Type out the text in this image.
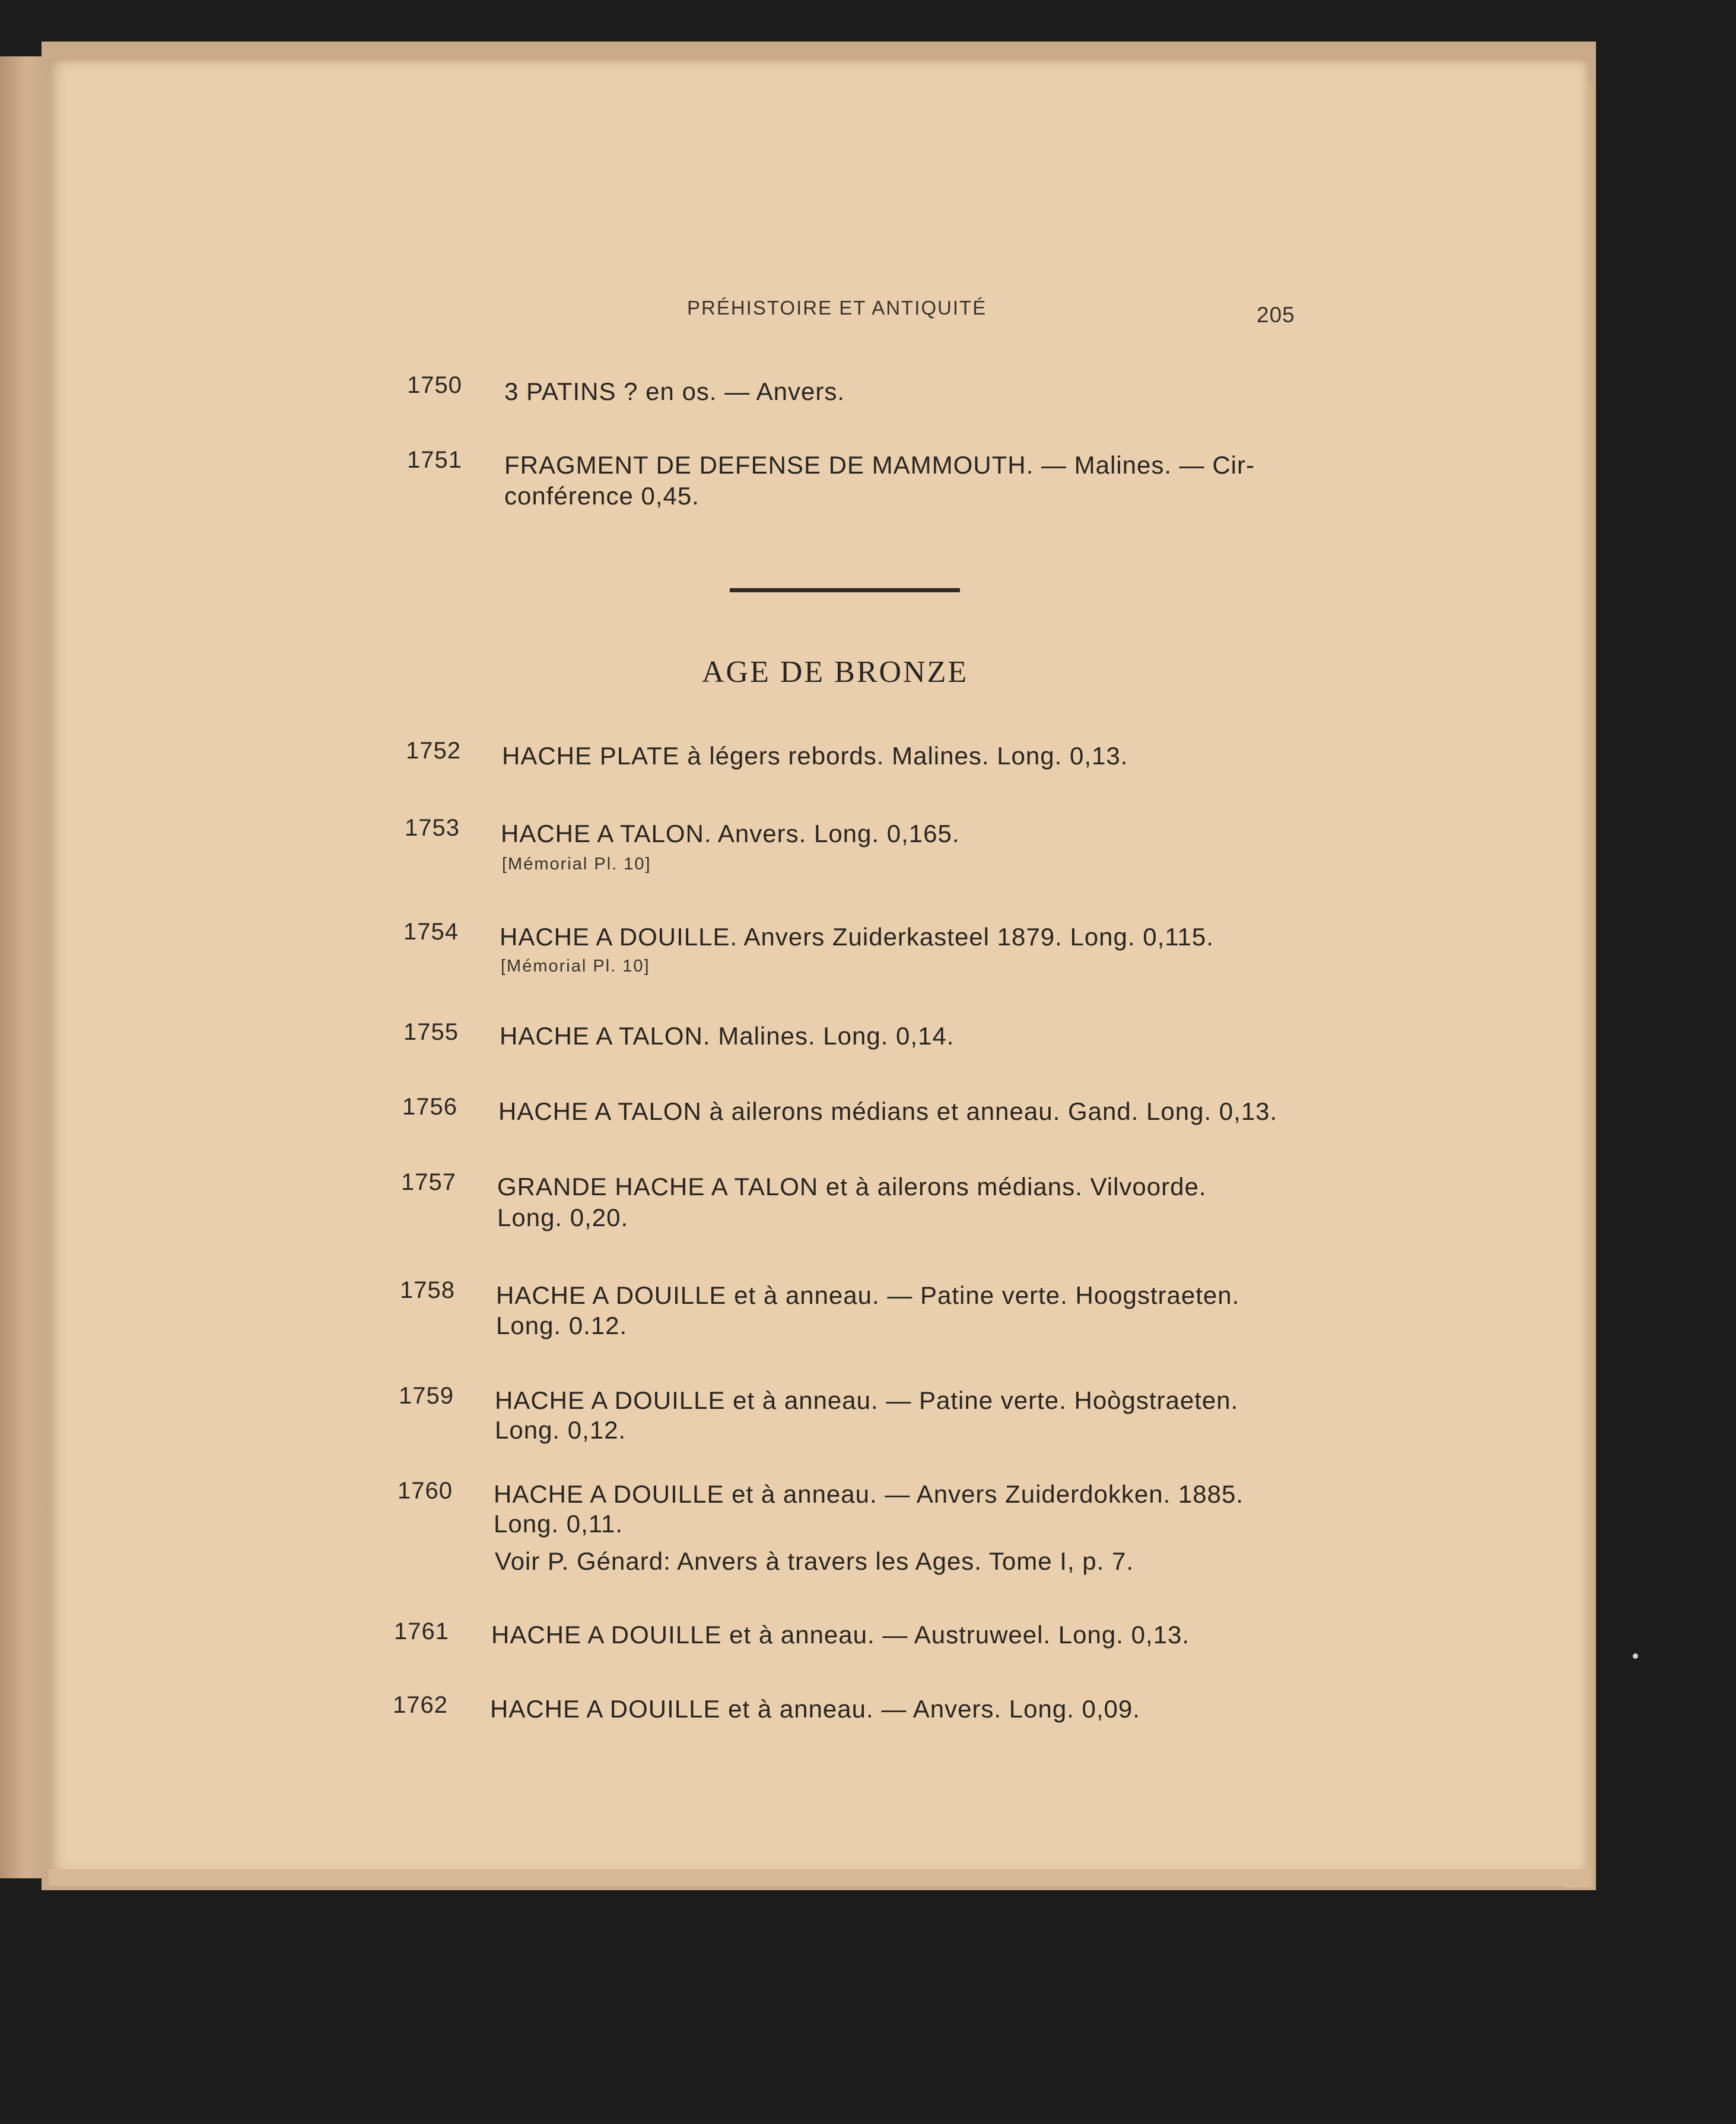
PRÉHISTOIRE ET ANTIQUITÉ	205
1750 3 PATINS ? en os. — Anvers.
1751 FRAGMENT DE DEFENSE DE MAMMOUTH. — Malines. — Cir-
conférence 0,45.
AGE DE BRONZE
1752 HACHE PLATE à légers rebords. Malines. Long. 0,13.
1753 HACHE A TALON. Anvers. Long. 0,165.
[Mémorial Pl. 10]
1754 HACHE A DOUILLE. Anvers Zuiderkasteel 1879. Long. 0,115.
[Mémorial Pl. 10]
1755 HACHE A TALON. Malines. Long. 0,14.
1756 HACHE A TALON à ailerons médians et anneau. Gand. Long. 0,13.
1757 GRANDE HACHE A TALON et à ailerons médians. Vilvoorde.
Long. 0,20.
1758 HACHE A DOUILLE et à anneau. — Patine verte. Hoogstraeten.
Long. 0.12.
1759 HACHE A DOUILLE et à anneau. — Patine verte. Hoògstraeten.
Long. 0,12.
1760 HACHE A DOUILLE et à anneau. — Anvers Zuiderdokken. 1885.
Long. 0,11.
Voir P. Génard: Anvers à travers les Ages. Tome I, p. 7.
1761 HACHE A DOUILLE et à anneau. — Austruweel. Long. 0,13.
1762 HACHE A DOUILLE et à anneau. — Anvers. Long. 0,09.
